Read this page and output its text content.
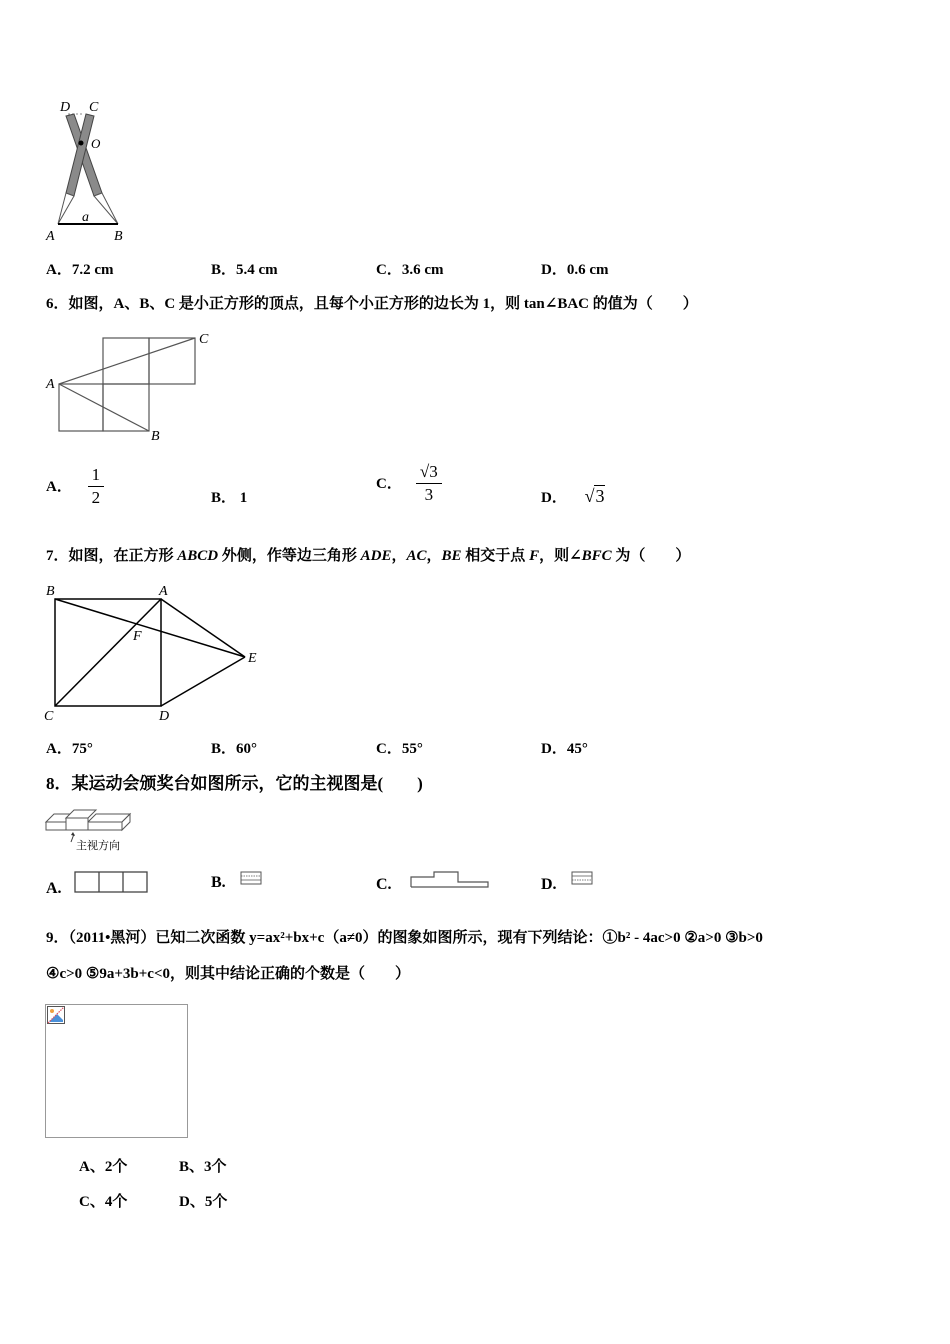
D C
O
a
A	B
A．7.2 cm	B．5.4 cm	C．3.6 cm	D．0.6 cm
6．如图，A、B、C 是小正方形的顶点，且每个小正方形的边长为 1，则 tan∠BAC 的值为（　　）
A
C
B
A． $\frac{1}{2}$	B． 1
C． $\frac{√3}{3}$	D． √3
7．如图，在正方形 ABCD 外侧，作等边三角形 ADE，AC，BE 相交于点 F，则∠BFC 为（　　）
B	A
F
E
C	D
A．75°	B．60°	C．55°	D．45°
8．某运动会颁奖台如图所示，它的主视图是(　　)
主视方向
A.	B.	C.	D.
9．（2011•黑河）已知二次函数 y=ax²+bx+c（a≠0）的图象如图所示，现有下列结论：①b² - 4ac>0 ②a>0 ③b>0
④c>0 ⑤9a+3b+c<0，则其中结论正确的个数是（　　）
A、2个	B、3个
C、4个	D、5个
